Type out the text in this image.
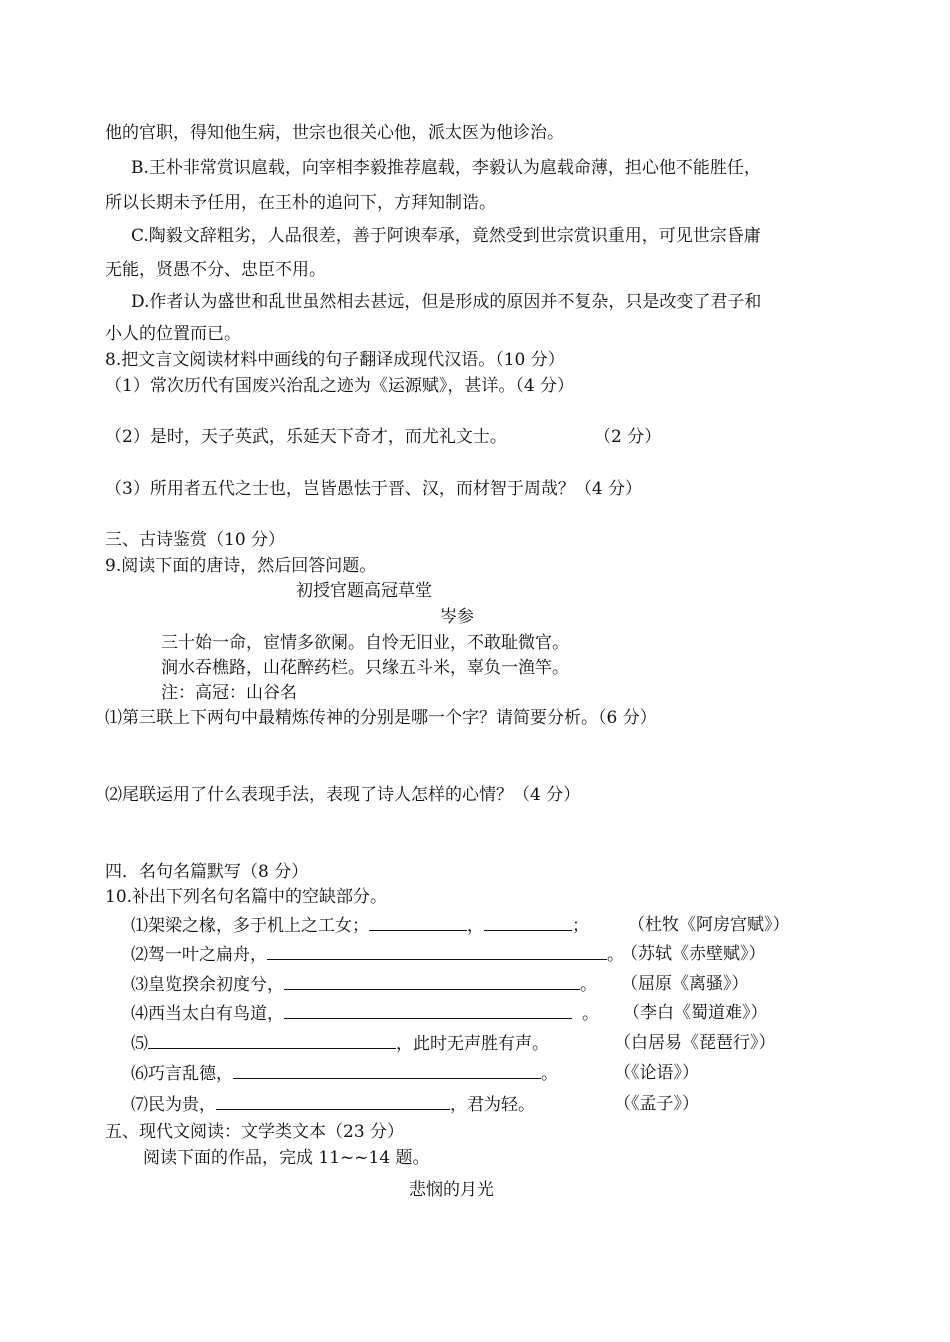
他的官职，得知他生病，世宗也很关心他，派太医为他诊治。
B.王朴非常赏识扈载，向宰相李毅推荐扈载，李毅认为扈载命薄，担心他不能胜任，
所以长期未予任用，在王朴的追问下，方拜知制诰。
C.陶毅文辞粗劣，人品很差，善于阿谀奉承，竟然受到世宗赏识重用，可见世宗昏庸
无能，贤愚不分、忠臣不用。
D.作者认为盛世和乱世虽然相去甚远，但是形成的原因并不复杂，只是改变了君子和
小人的位置而已。
8.把文言文阅读材料中画线的句子翻译成现代汉语。（10 分）
（1）常次历代有国废兴治乱之迹为《运源赋》，甚详。（4 分）
（2）是时，天子英武，乐延天下奇才，而尤礼文士。	（2 分）
（3）所用者五代之士也，岂皆愚怯于晋、汉，而材智于周哉？（4 分）
三、古诗鉴赏（10 分）
9.阅读下面的唐诗，然后回答问题。
初授官题高冠草堂
岑参
三十始一命，宦情多欲阑。自怜无旧业，不敢耻微官。
涧水吞樵路，山花醉药栏。只缘五斗米，辜负一渔竿。
注：高冠：山谷名
⑴第三联上下两句中最精炼传神的分别是哪一个字？请简要分析。（6 分）
⑵尾联运用了什么表现手法，表现了诗人怎样的心情？（4 分）
四．名句名篇默写（8 分）
10.补出下列名句名篇中的空缺部分。
⑴架梁之椽，多于机上之工女；	，	； （杜牧《阿房宫赋》）
⑵驾一叶之扁舟，	。
（苏轼《赤壁赋》）
⑶皇览揆余初度兮，	。 （屈原《离骚》）
⑷西当太白有鸟道，	。 （李白《蜀道难》）
⑸	，此时无声胜有声。	（白居易《琵琶行》）
⑹巧言乱德，	。	（《论语》）
⑺民为贵，	，君为轻。	（《孟子》）
五、现代文阅读：文学类文本（23 分）
阅读下面的作品，完成 11~~14 题。
悲悯的月光
